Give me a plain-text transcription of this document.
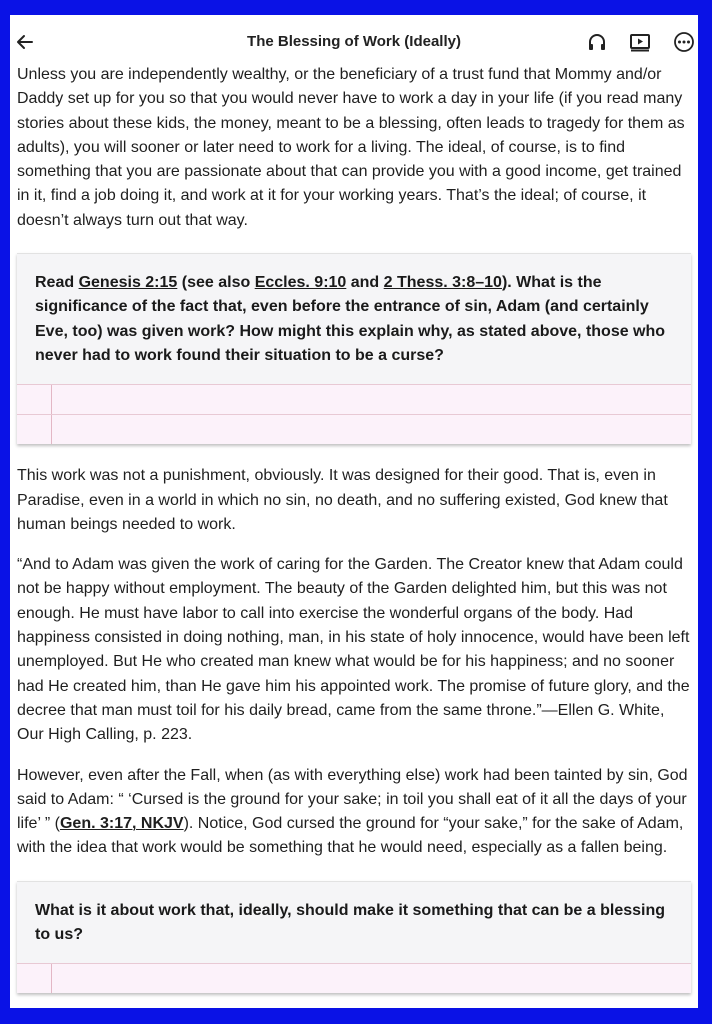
The Blessing of Work (Ideally)

Unless you are independently wealthy, or the beneficiary of a trust fund that Mommy and/or Daddy set up for you so that you would never have to work a day in your life (if you read many stories about these kids, the money, meant to be a blessing, often leads to tragedy for them as adults), you will sooner or later need to work for a living. The ideal, of course, is to find something that you are passionate about that can provide you with a good income, get trained in it, find a job doing it, and work at it for your working years. That’s the ideal; of course, it doesn’t always turn out that way.

Read Genesis 2:15 (see also Eccles. 9:10 and 2 Thess. 3:8–10). What is the significance of the fact that, even before the entrance of sin, Adam (and certainly Eve, too) was given work? How might this explain why, as stated above, those who never had to work found their situation to be a curse?

This work was not a punishment, obviously. It was designed for their good. That is, even in Paradise, even in a world in which no sin, no death, and no suffering existed, God knew that human beings needed to work.

“And to Adam was given the work of caring for the Garden. The Creator knew that Adam could not be happy without employment. The beauty of the Garden delighted him, but this was not enough. He must have labor to call into exercise the wonderful organs of the body. Had happiness consisted in doing nothing, man, in his state of holy innocence, would have been left unemployed. But He who created man knew what would be for his happiness; and no sooner had He created him, than He gave him his appointed work. The promise of future glory, and the decree that man must toil for his daily bread, came from the same throne.”—Ellen G. White, Our High Calling, p. 223.

However, even after the Fall, when (as with everything else) work had been tainted by sin, God said to Adam: “ ‘Cursed is the ground for your sake; in toil you shall eat of it all the days of your life’ ” (Gen. 3:17, NKJV). Notice, God cursed the ground for “your sake,” for the sake of Adam, with the idea that work would be something that he would need, especially as a fallen being.

What is it about work that, ideally, should make it something that can be a blessing to us?
